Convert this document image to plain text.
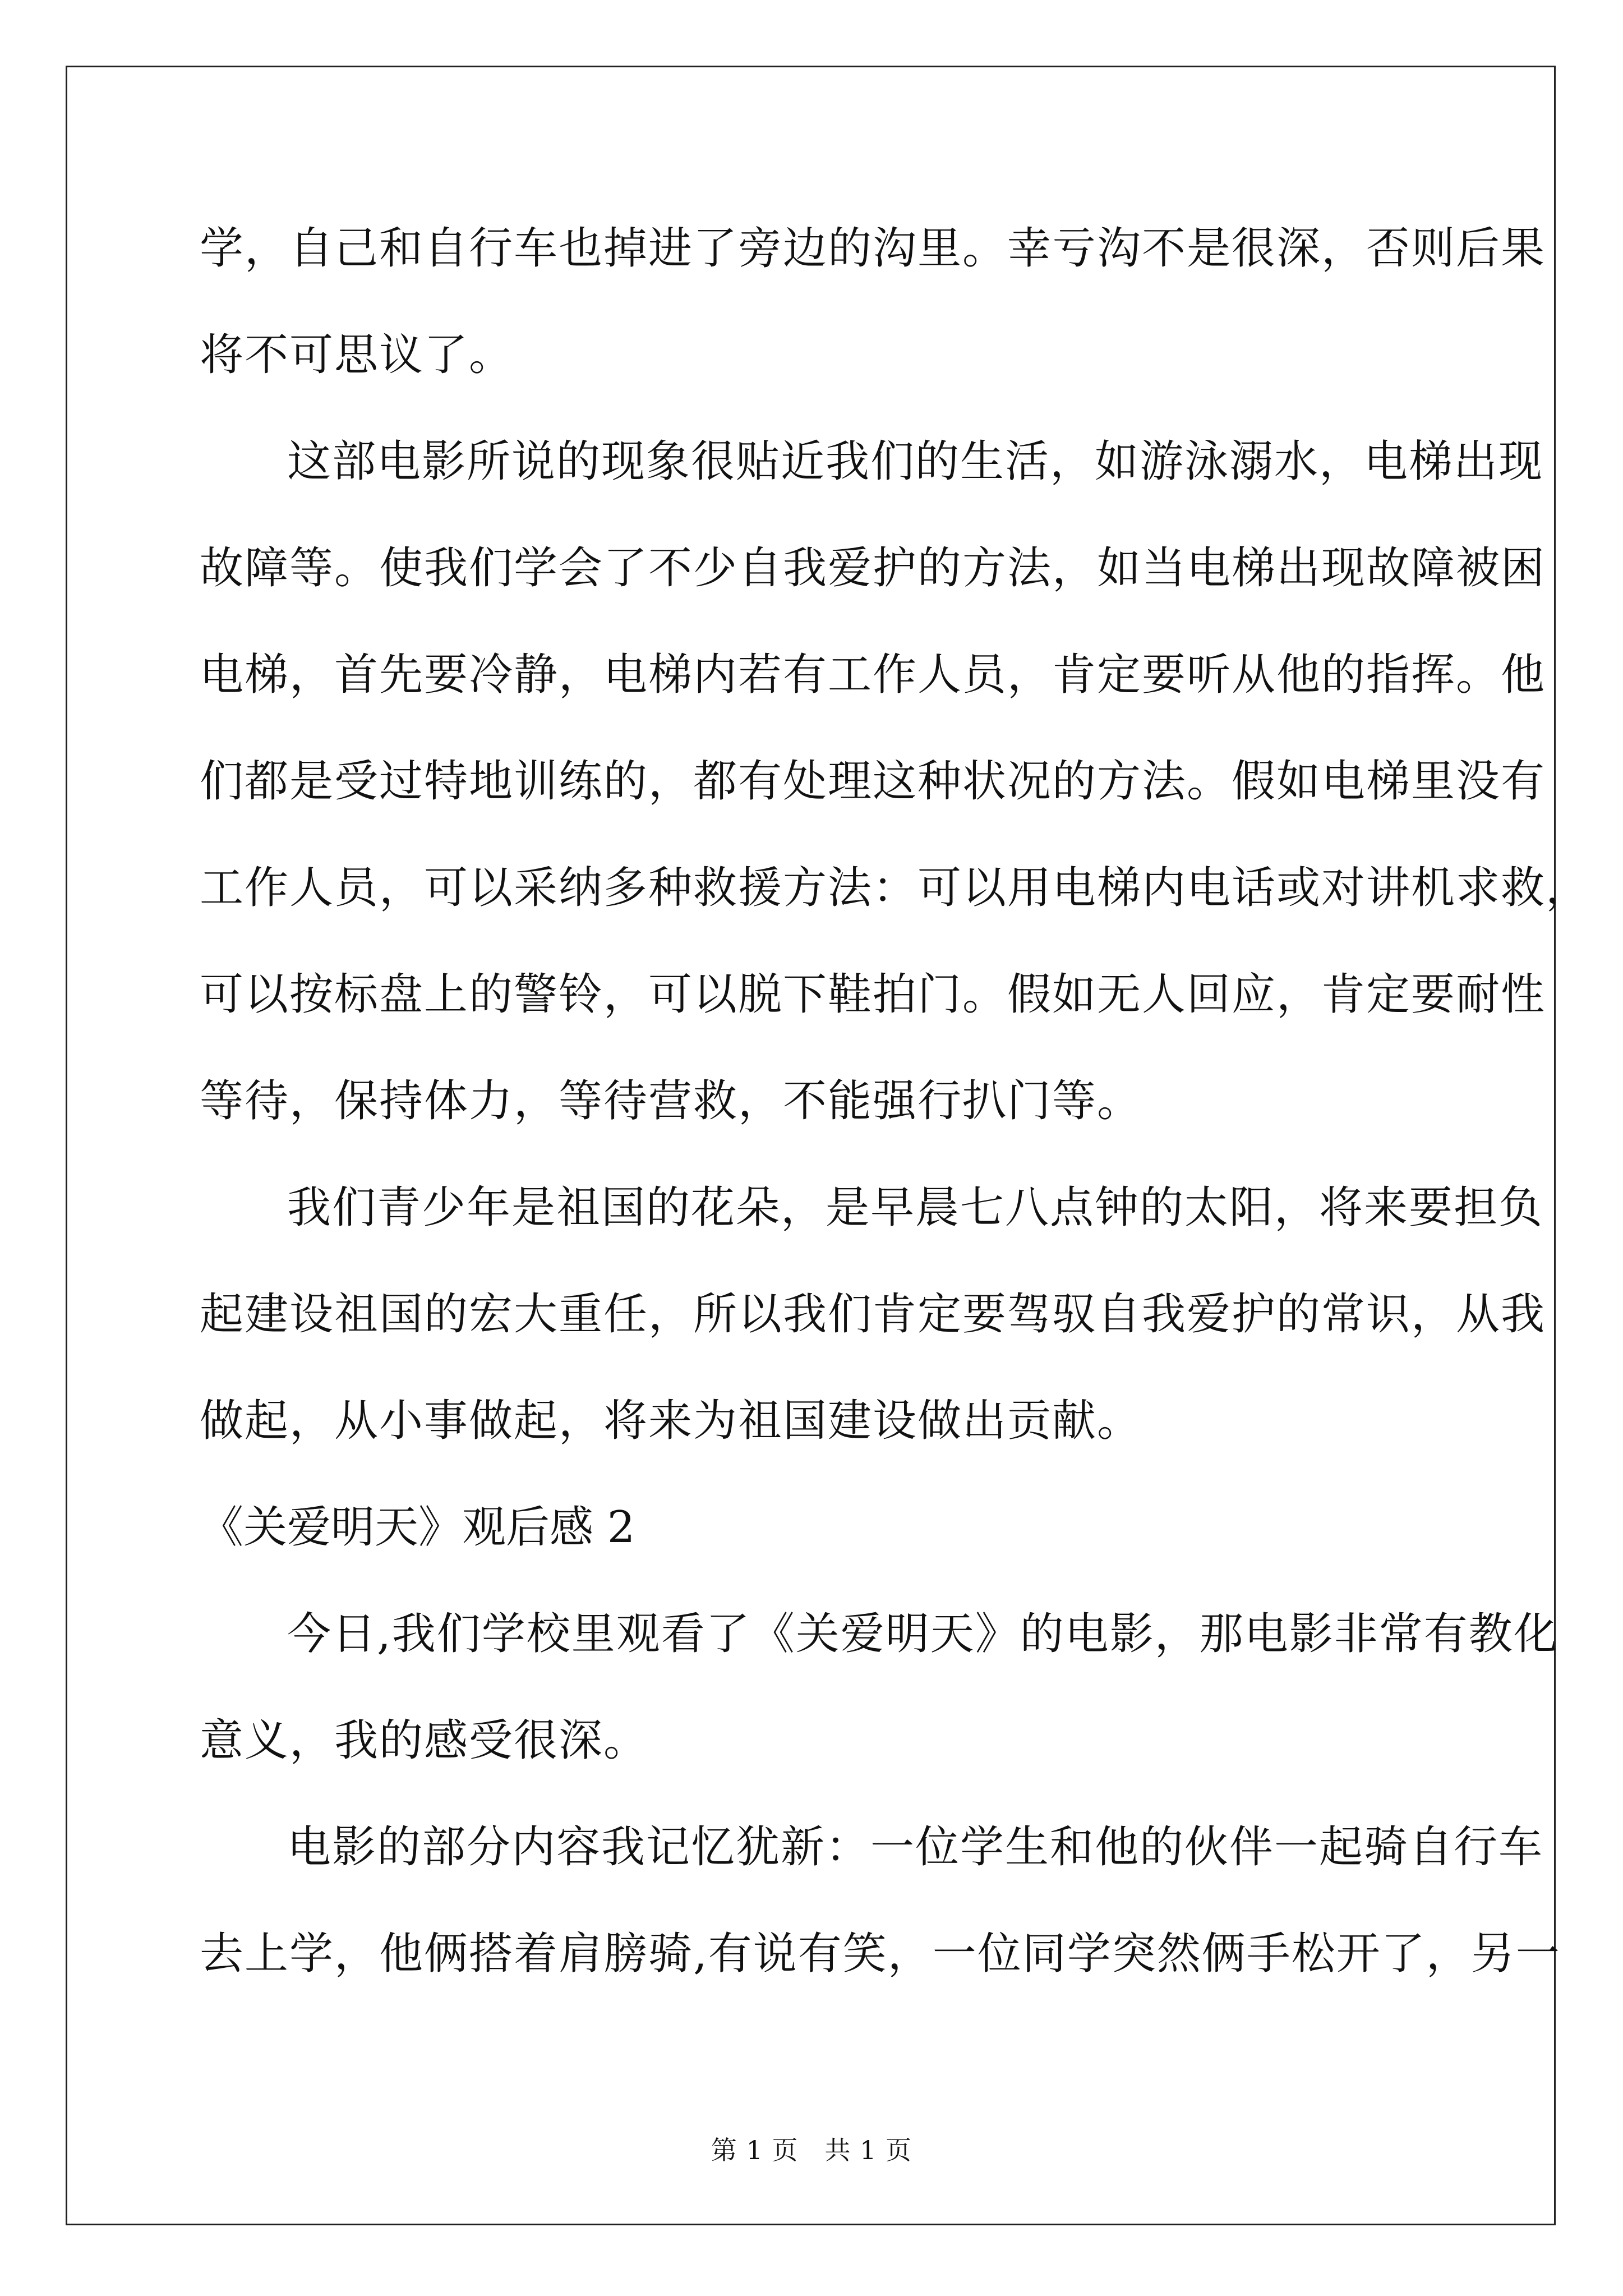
学，自己和自行车也掉进了旁边的沟里。幸亏沟不是很深，否则后果
将不可思议了。
这部电影所说的现象很贴近我们的生活，如游泳溺水，电梯出现
故障等。使我们学会了不少自我爱护的方法，如当电梯出现故障被困
电梯，首先要冷静，电梯内若有工作人员，肯定要听从他的指挥。他
们都是受过特地训练的，都有处理这种状况的方法。假如电梯里没有
工作人员，可以采纳多种救援方法：可以用电梯内电话或对讲机求救，
可以按标盘上的警铃，可以脱下鞋拍门。假如无人回应，肯定要耐性
等待，保持体力，等待营救，不能强行扒门等。
我们青少年是祖国的花朵，是早晨七八点钟的太阳，将来要担负
起建设祖国的宏大重任，所以我们肯定要驾驭自我爱护的常识，从我
做起，从小事做起，将来为祖国建设做出贡献。
《关爱明天》观后感 2
今日,我们学校里观看了《关爱明天》的电影，那电影非常有教化
意义，我的感受很深。
电影的部分内容我记忆犹新：一位学生和他的伙伴一起骑自行车
去上学，他俩搭着肩膀骑,有说有笑，一位同学突然俩手松开了，另一
第 1 页　共 1 页
